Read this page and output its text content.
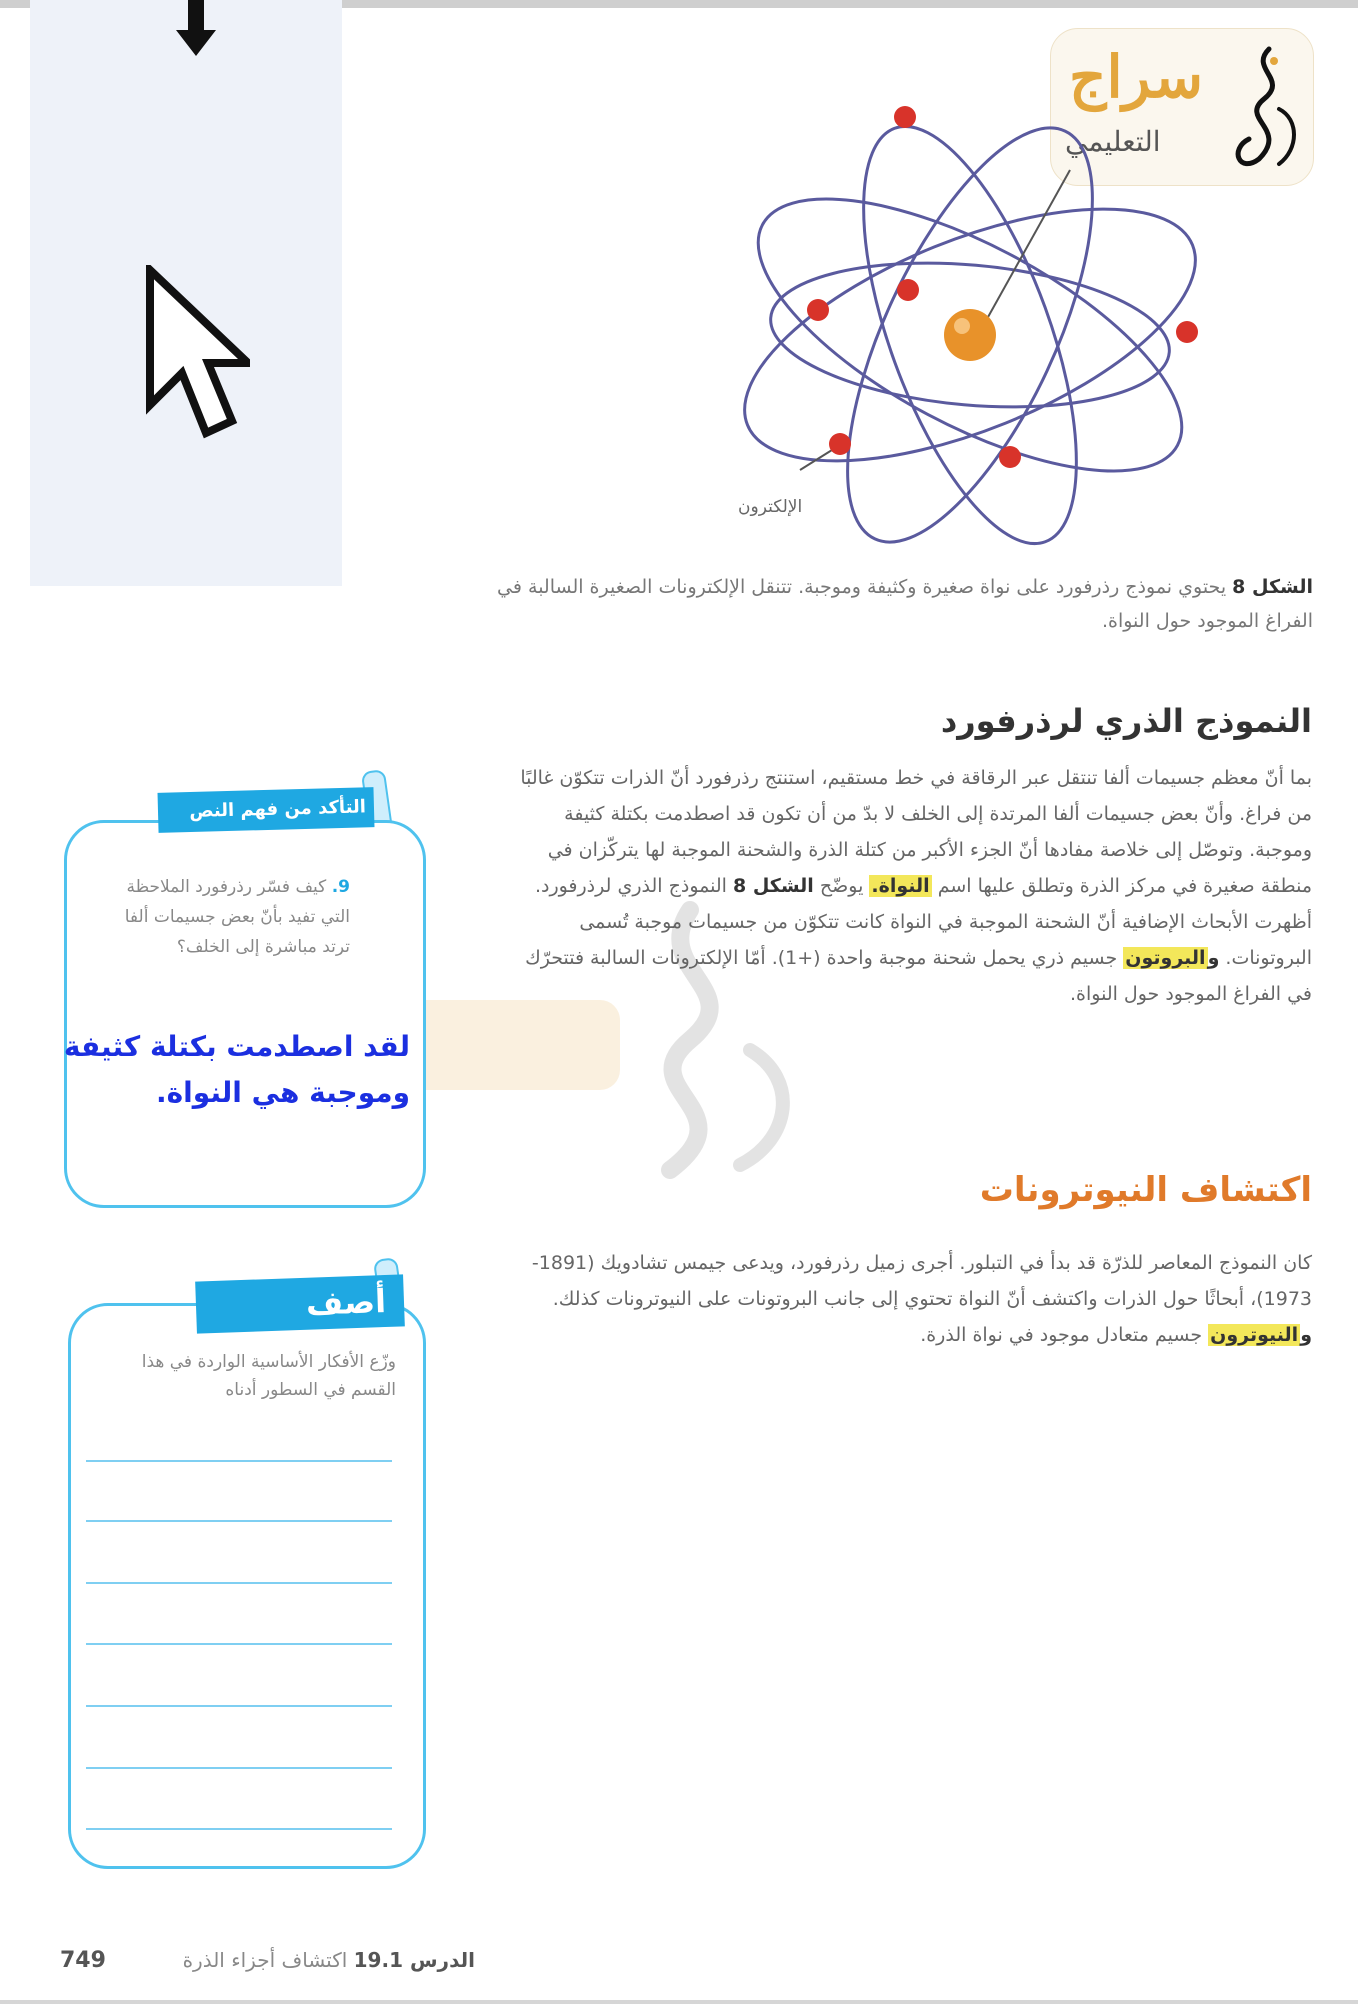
سراج
التعليمي
الإلكترون
الشكل 8 يحتوي نموذج رذرفورد على نواة صغيرة وكثيفة وموجبة. تتنقل الإلكترونات الصغيرة السالبة في الفراغ الموجود حول النواة.
النموذج الذري لرذرفورد
بما أنّ معظم جسيمات ألفا تنتقل عبر الرقاقة في خط مستقيم، استنتج رذرفورد أنّ الذرات تتكوّن غالبًا من فراغ. وأنّ بعض جسيمات ألفا المرتدة إلى الخلف لا بدّ من أن تكون قد اصطدمت بكتلة كثيفة وموجبة. وتوصّل إلى خلاصة مفادها أنّ الجزء الأكبر من كتلة الذرة والشحنة الموجبة لها يتركّزان في منطقة صغيرة في مركز الذرة وتطلق عليها اسم النواة. يوضّح الشكل 8 النموذج الذري لرذرفورد. أظهرت الأبحاث الإضافية أنّ الشحنة الموجبة في النواة كانت تتكوّن من جسيمات موجبة تُسمى البروتونات. والبروتون جسيم ذري يحمل شحنة موجبة واحدة (+1). أمّا الإلكترونات السالبة فتتحرّك في الفراغ الموجود حول النواة.
اكتشاف النيوترونات
كان النموذج المعاصر للذرّة قد بدأ في التبلور. أجرى زميل رذرفورد، ويدعى جيمس تشادويك (1891-1973)، أبحاثًا حول الذرات واكتشف أنّ النواة تحتوي إلى جانب البروتونات على النيوترونات كذلك. والنيوترون جسيم متعادل موجود في نواة الذرة.
التأكد من فهم النص
9. كيف فسّر رذرفورد الملاحظة التي تفيد بأنّ بعض جسيمات ألفا ترتد مباشرة إلى الخلف؟
لقد اصطدمت بكتلة كثيفة وموجبة هي النواة.
أصف
وزّع الأفكار الأساسية الواردة في هذا القسم في السطور أدناه
749	الدرس 19.1 اكتشاف أجزاء الذرة
